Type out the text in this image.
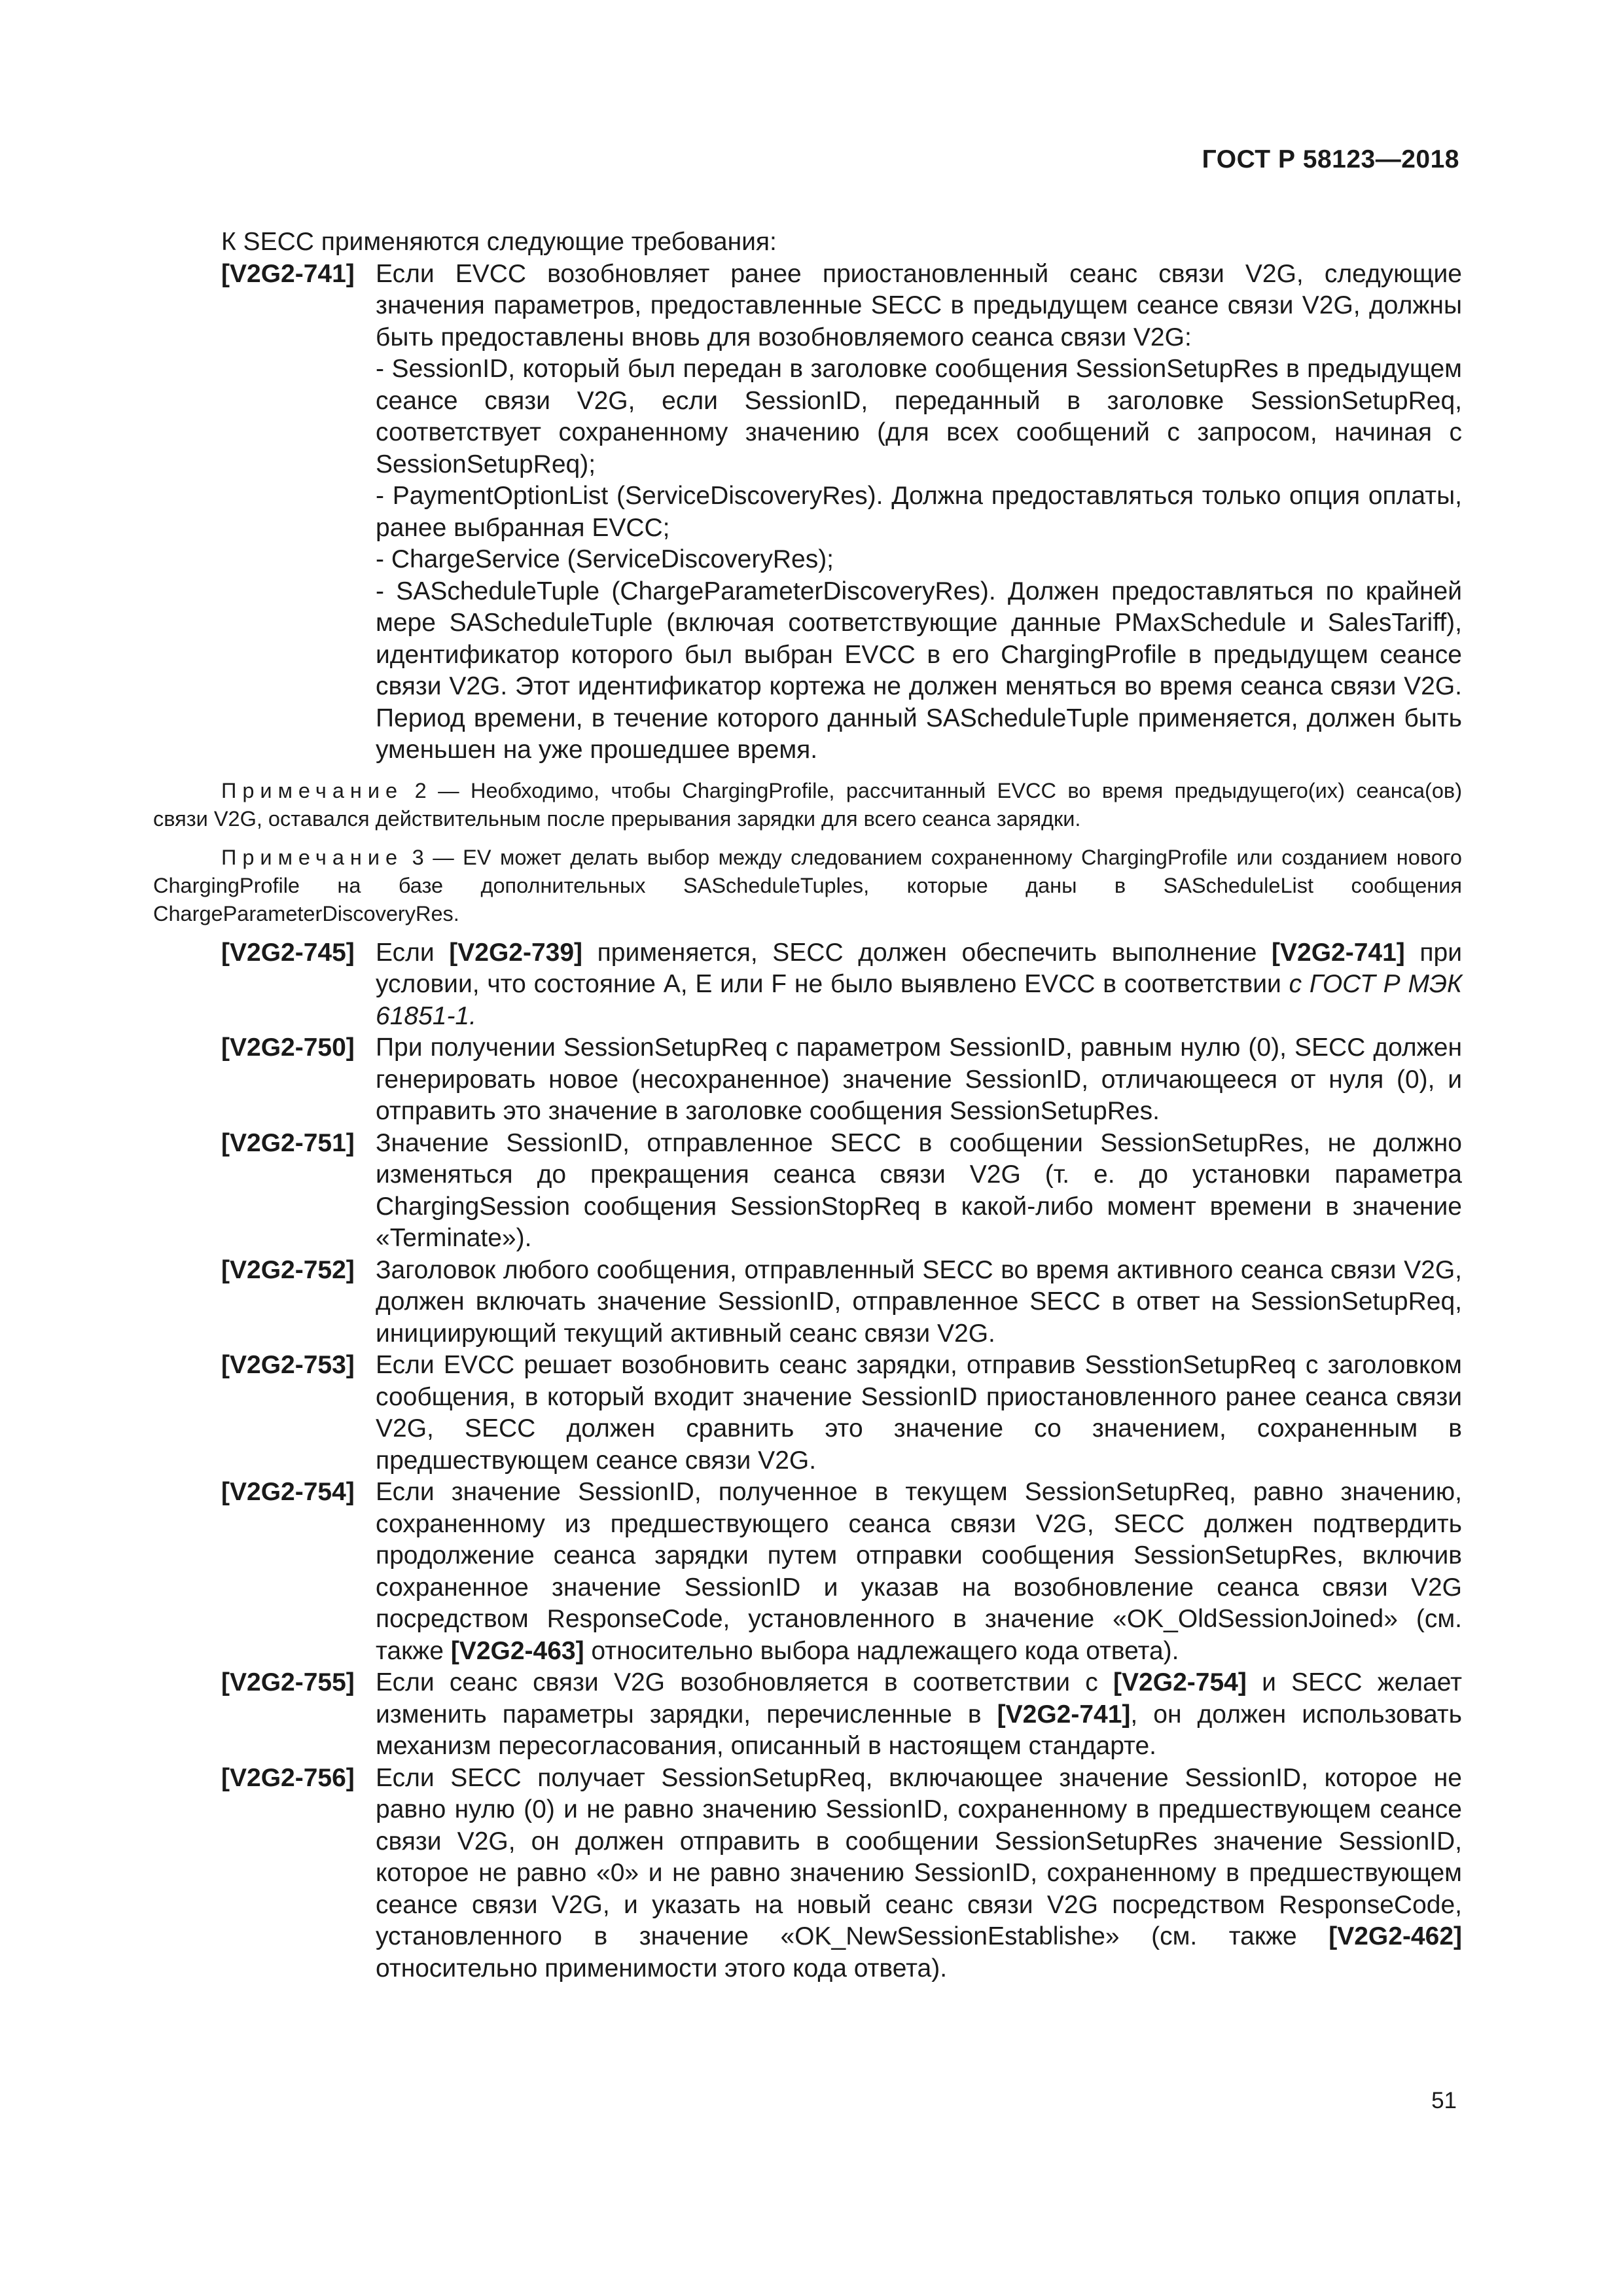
ГОСТ Р 58123—2018
К SECC применяются следующие требования:
[V2G2-741] Если EVCC возобновляет ранее приостановленный сеанс связи V2G, следующие значения параметров, предоставленные SECC в предыдущем сеансе связи V2G, должны быть предоставлены вновь для возобновляемого сеанса связи V2G:

- SessionID, который был передан в заголовке сообщения SessionSetupRes в предыдущем сеансе связи V2G, если SessionID, переданный в заголовке SessionSetupReq, соответствует сохраненному значению (для всех сообщений с запросом, начиная с SessionSetupReq);

- PaymentOptionList (ServiceDiscoveryRes). Должна предоставляться только опция оплаты, ранее выбранная EVCC;

- ChargeService (ServiceDiscoveryRes);

- SAScheduleTuple (ChargeParameterDiscoveryRes). Должен предоставляться по крайней мере SAScheduleTuple (включая соответствующие данные PMaxSchedule и SalesTariff), идентификатор которого был выбран EVCC в его ChargingProfile в предыдущем сеансе связи V2G. Этот идентификатор кортежа не должен меняться во время сеанса связи V2G. Период времени, в течение которого данный SAScheduleTuple применяется, должен быть уменьшен на уже прошедшее время.

Примечание 2 — Необходимо, чтобы ChargingProfile, рассчитанный EVCC во время предыдущего(их) сеанса(ов) связи V2G, оставался действительным после прерывания зарядки для всего сеанса зарядки.
Примечание 3 — EV может делать выбор между следованием сохраненному ChargingProfile или созданием нового ChargingProfile на базе дополнительных SAScheduleTuples, которые даны в SAScheduleList сообщения ChargeParameterDiscoveryRes.
[V2G2-745] Если [V2G2-739] применяется, SECC должен обеспечить выполнение [V2G2-741] при условии, что состояние A, E или F не было выявлено EVCC в соответствии с ГОСТ Р МЭК 61851-1.

[V2G2-750] При получении SessionSetupReq с параметром SessionID, равным нулю (0), SECC должен генерировать новое (несохраненное) значение SessionID, отличающееся от нуля (0), и отправить это значение в заголовке сообщения SessionSetupRes.

[V2G2-751] Значение SessionID, отправленное SECC в сообщении SessionSetupRes, не должно изменяться до прекращения сеанса связи V2G (т. е. до установки параметра ChargingSession сообщения SessionStopReq в какой-либо момент времени в значение «Terminate»).

[V2G2-752] Заголовок любого сообщения, отправленный SECC во время активного сеанса связи V2G, должен включать значение SessionID, отправленное SECC в ответ на SessionSetupReq, инициирующий текущий активный сеанс связи V2G.

[V2G2-753] Если EVCC решает возобновить сеанс зарядки, отправив SesstionSetupReq с заголовком сообщения, в который входит значение SessionID приостановленного ранее сеанса связи V2G, SECC должен сравнить это значение со значением, сохраненным в предшествующем сеансе связи V2G.

[V2G2-754] Если значение SessionID, полученное в текущем SessionSetupReq, равно значению, сохраненному из предшествующего сеанса связи V2G, SECC должен подтвердить продолжение сеанса зарядки путем отправки сообщения SessionSetupRes, включив сохраненное значение SessionID и указав на возобновление сеанса связи V2G посредством ResponseCode, установленного в значение «OK_OldSessionJoined» (см. также [V2G2-463] относительно выбора надлежащего кода ответа).

[V2G2-755] Если сеанс связи V2G возобновляется в соответствии с [V2G2-754] и SECC желает изменить параметры зарядки, перечисленные в [V2G2-741], он должен использовать механизм пересогласования, описанный в настоящем стандарте.

[V2G2-756] Если SECC получает SessionSetupReq, включающее значение SessionID, которое не равно нулю (0) и не равно значению SessionID, сохраненному в предшествующем сеансе связи V2G, он должен отправить в сообщении SessionSetupRes значение SessionID, которое не равно «0» и не равно значению SessionID, сохраненному в предшествующем сеансе связи V2G, и указать на новый сеанс связи V2G посредством ResponseCode, установленного в значение «OK_NewSessionEstablishe» (см. также [V2G2-462] относительно применимости этого кода ответа).

51
